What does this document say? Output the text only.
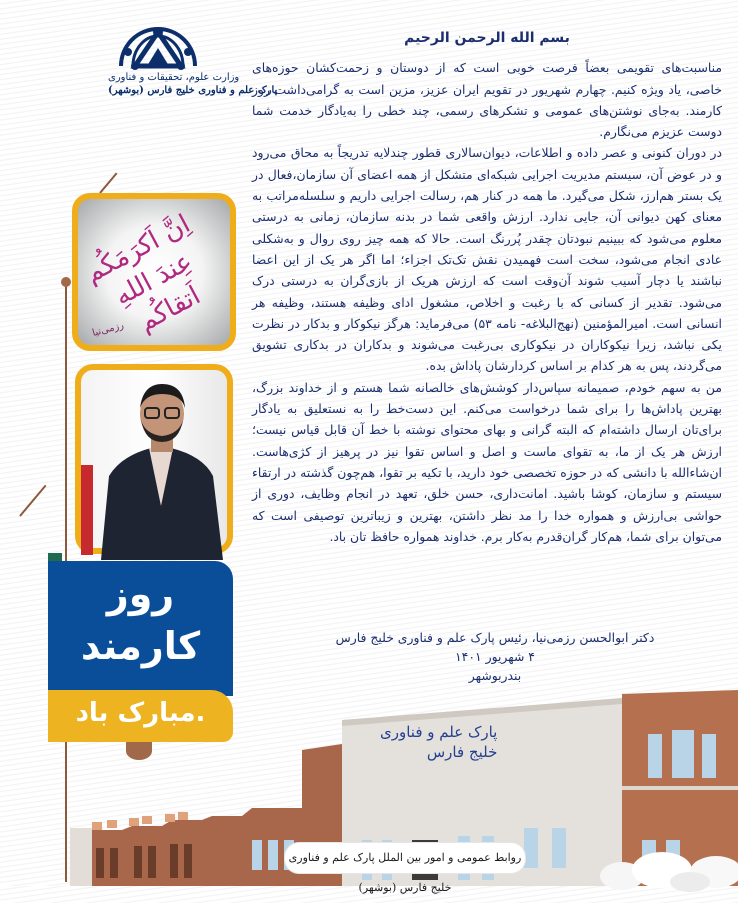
وزارت علوم، تحقیقات و فناوری
پارک علم و فناوری خلیج فارس (بوشهر)
اِنَّ اَکرَمَکُم عِندَ اللهِ اَتقاکُم
رزمی‌نیا
روز
کارمند
مبارک باد.
بسم الله الرحمن الرحیم

مناسبت‌های تقویمی بعضاً فرصت خوبی است که از دوستان و زحمت‌کشان حوزه‌های خاصی، یاد ویژه کنیم. چهارم شهریور در تقویم ایران عزیز، مزین است به گرامی‌داشت روز کارمند. به‌جای نوشتن‌های عمومی و تشکرهای رسمی، چند خطی را به‌یادگار خدمت شما دوست عزیزم می‌نگارم.

در دوران کنونی و عصر داده و اطلاعات، دیوان‌سالاری قطور چندلایه تدریجاً به محاق می‌رود و در عوض آن، سیستم مدیریت اجرایی شبکه‌ای متشکل از همه اعضای آن سازمان،فعال در یک بستر هم‌ارز، شکل می‌گیرد. ما همه در کنار هم، رسالت اجرایی داریم و سلسله‌مراتب به معنای کهن دیوانی آن، جایی ندارد. ارزش واقعی شما در بدنه سازمان، زمانی به درستی معلوم می‌شود که ببینیم نبودتان چقدر پُررنگ است. حالا که همه چیز روی روال و به‌شکلی عادی انجام می‌شود، سخت است فهمیدن نقش تک‌تک اجزاء؛ اما اگر هر یک از این اعضا نباشند یا دچار آسیب شوند آن‌وقت است که ارزش هریک از بازی‌گران به درستی درک می‌شود. تقدیر از کسانی که با رغبت و اخلاص، مشغول ادای وظیفه هستند، وظیفه هر انسانی است. امیرالمؤمنین (نهج‌البلاغه- نامه ۵۳) می‌فرماید: هرگز نیکوکار و بدکار در نظرت یکی نباشد، زیرا نیکوکاران در نیکوکاری بی‌رغبت می‌شوند و بدکاران در بدکاری تشویق می‌گردند، پس به هر کدام بر اساس کردارشان پاداش بده.

من به سهم خودم، صمیمانه سپاس‌دار کوشش‌های خالصانه شما هستم و از خداوند بزرگ، بهترین پاداش‌ها را برای شما درخواست می‌کنم. این دست‌خط را به نستعلیق به یادگار برای‌تان ارسال داشته‌ام که البته گرانی و بهای محتوای نوشته با خط آن قابل قیاس نیست؛ ارزش هر یک از ما، به تقوای ماست و اصل و اساس تقوا نیز در پرهیز از کژی‌هاست. ان‌شاءالله با دانشی که در حوزه تخصصی خود دارید، با تکیه بر تقوا، هم‌چون گذشته در ارتقاء سیستم و سازمان، کوشا باشید. امانت‌داری، حسن خلق، تعهد در انجام وظایف، دوری از حواشی بی‌ارزش و همواره خدا را مد نظر داشتن، بهترین و زیباترین توصیفی است که می‌توان برای شما، هم‌کار گران‌قدرم به‌کار برم. خداوند همواره حافظ تان باد.

دکتر ابوالحسن رزمی‌نیا، رئیس پارک علم و فناوری خلیج فارس
۴ شهریور ۱۴۰۱
بندربوشهر
پارک علم و فناوری
خلیج فارس
روابط عمومی و امور بین الملل پارک علم و فناوری خلیج فارس (بوشهر)
